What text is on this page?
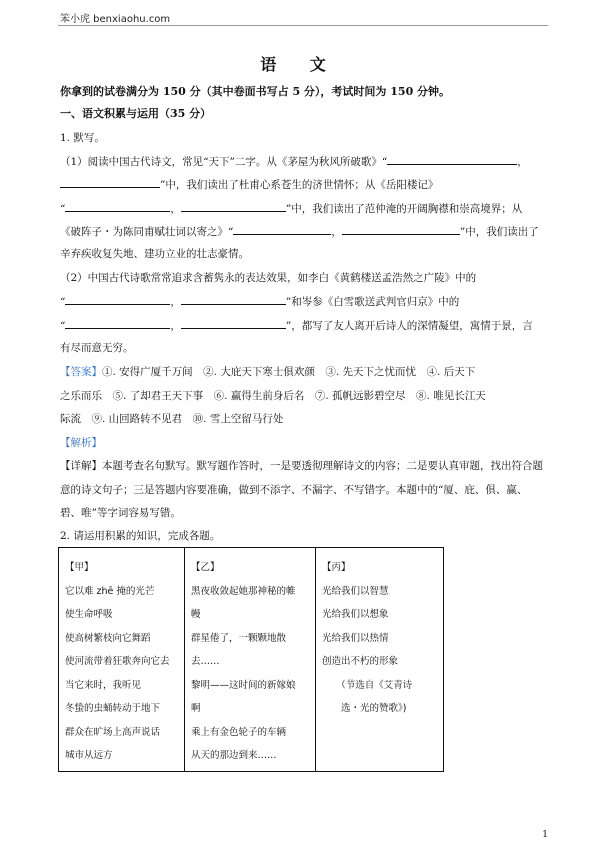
笨小虎 benxiaohu.com
语 文
你拿到的试卷满分为 150 分（其中卷面书写占 5 分），考试时间为 150 分钟。
一、语文积累与运用（35 分）
1. 默写。
（1）阅读中国古代诗文，常见“天下”二字。从《茅屋为秋风所破歌》“	，
”中，我们读出了杜甫心系苍生的济世情怀；从《岳阳楼记》
“	，	”中，我们读出了范仲淹的开阔胸襟和崇高境界；从
《破阵子・为陈同甫赋壮词以寄之》“	，	”中，我们读出了
辛弃疾收复失地、建功立业的壮志豪情。
（2）中国古代诗歌常常追求含蓄隽永的表达效果，如李白《黄鹤楼送孟浩然之广陵》中的
“	，	”和岑参《白雪歌送武判官归京》中的
“	，	”，都写了友人离开后诗人的深情凝望，寓情于景，言
有尽而意无穷。
【答案】①. 安得广厦千万间　②. 大庇天下寒士俱欢颜　③. 先天下之忧而忧　④. 后天下
之乐而乐　⑤. 了却君王天下事　⑥. 赢得生前身后名　⑦. 孤帆远影碧空尽　⑧. 唯见长江天
际流　⑨. 山回路转不见君　⑩. 雪上空留马行处
【解析】
【详解】本题考查名句默写。默写题作答时，一是要透彻理解诗文的内容；二是要认真审题，找出符合题
意的诗文句子；三是答题内容要准确，做到不添字、不漏字、不写错字。本题中的“厦、庇、俱、赢、
碧、唯”等字词容易写错。
2. 请运用积累的知识，完成各题。
【甲】
它以难 zhē 掩的光芒
使生命呼吸
使高树繁枝向它舞蹈
使河流带着狂歌奔向它去
当它来时，我听见
冬蛰的虫蛹转动于地下
群众在旷场上高声说话
城市从远方

【乙】
黑夜收敛起她那神秘的帷
幔
群星倦了，一颗颗地散
去……
黎明——这时间的新嫁娘
啊
乘上有金色轮子的车辆
从天的那边到来……

【丙】
光给我们以智慧
光给我们以想象
光给我们以热情
创造出不朽的形象
　　（节选自《艾青诗
　　选・光的赞歌》)
1
